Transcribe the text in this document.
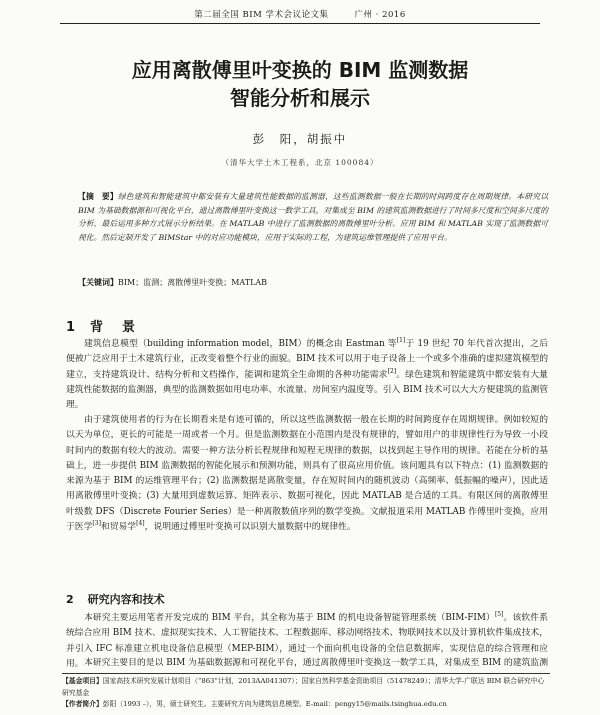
第二届全国 BIM 学术会议论文集	广州 · 2016
应用离散傅里叶变换的 BIM 监测数据
智能分析和展示
彭　阳，胡振中
（清华大学土木工程系，北京 100084）
【摘　要】绿色建筑和智能建筑中都安装有大量建筑性能数据的监测器，这些监测数据一般在长期的时间跨度存在周期规律。本研究以 BIM 为基础数据源和可视化平台，通过离散傅里叶变换这一数学工具，对集成至 BIM 的建筑监测数据进行了时间多尺度和空间多尺度的分析，最后运用多种方式展示分析结果。在 MATLAB 中进行了监测数据的离散傅里叶分析。应用 BIM 和 MATLAB 实现了监测数据可视化。然后定制开发了 BIMStar 中的对应功能模块，应用于实际的工程，为建筑运维管理提供了应用平台。
【关键词】BIM；监测；离散傅里叶变换；MATLAB
1 背　景

建筑信息模型（building information model，BIM）的概念由 Eastman 等[1]于 19 世纪 70 年代首次提出，之后便被广泛应用于土木建筑行业，正改变着整个行业的面貌。BIM 技术可以用于电子设备上一个或多个准确的虚拟建筑模型的建立，支持建筑设计、结构分析和文档操作，能调和建筑全生命期的各种功能需求[2]。绿色建筑和智能建筑中都安装有大量建筑性能数据的监测器，典型的监测数据如用电功率、水流量、房间室内温度等。引入 BIM 技术可以大大方便建筑的监测管理。

由于建筑使用者的行为在长期看来是有迹可循的，所以这些监测数据一般在长期的时间跨度存在周期规律。例如较短的以天为单位，更长的可能是一周或者一个月。但是监测数据在小范围内是没有规律的，譬如用户的非规律性行为导致一小段时间内的数据有较大的波动。需要一种方法分析长程规律和短程无规律的数据，以找到起主导作用的规律。若能在分析的基础上，进一步提供 BIM 监测数据的智能化展示和预测功能，则具有了很高应用价值。该问题具有以下特点：(1) 监测数据的来源为基于 BIM 的运维管理平台；(2) 监测数据是离散变量，存在短时间内的随机波动（高频率、低振幅的噪声），因此适用离散傅里叶变换；(3) 大量用到虚数运算、矩阵表示、数据可视化，因此 MATLAB 是合适的工具。有限区间的离散傅里叶级数 DFS（Discrete Fourier Series）是一种离散数值序列的数学变换。文献报道采用 MATLAB 作傅里叶变换，应用于医学[3]和贸易学[4]，说明通过傅里叶变换可以识别大量数据中的规律性。

2 研究内容和技术

本研究主要运用笔者开发完成的 BIM 平台，其全称为基于 BIM 的机电设备智能管理系统（BIM-FIM）[5]。该软件系统综合应用 BIM 技术、虚拟现实技术、人工智能技术、工程数据库、移动网络技术、物联网技术以及计算机软件集成技术，并引入 IFC 标准建立机电设备信息模型（MEP-BIM），通过一个面向机电设备的全信息数据库，实现信息的综合管理和应用。 本研究主要目的是以 BIM 为基础数据源和可视化平台，通过离散傅里叶变换这一数学工具，对集成至 BIM 的建筑监测

【基金项目】国家高技术研究发展计划项目（“863”计划，2013AA041307）；国家自然科学基金资助项目（51478249）；清华大学-广联达 BIM 联合研究中心研究基金
【作者简介】彭阳（1993 –），男，硕士研究生。主要研究方向为建筑信息模型。E-mail：pengy15@mails.tsinghua.edu.cn
